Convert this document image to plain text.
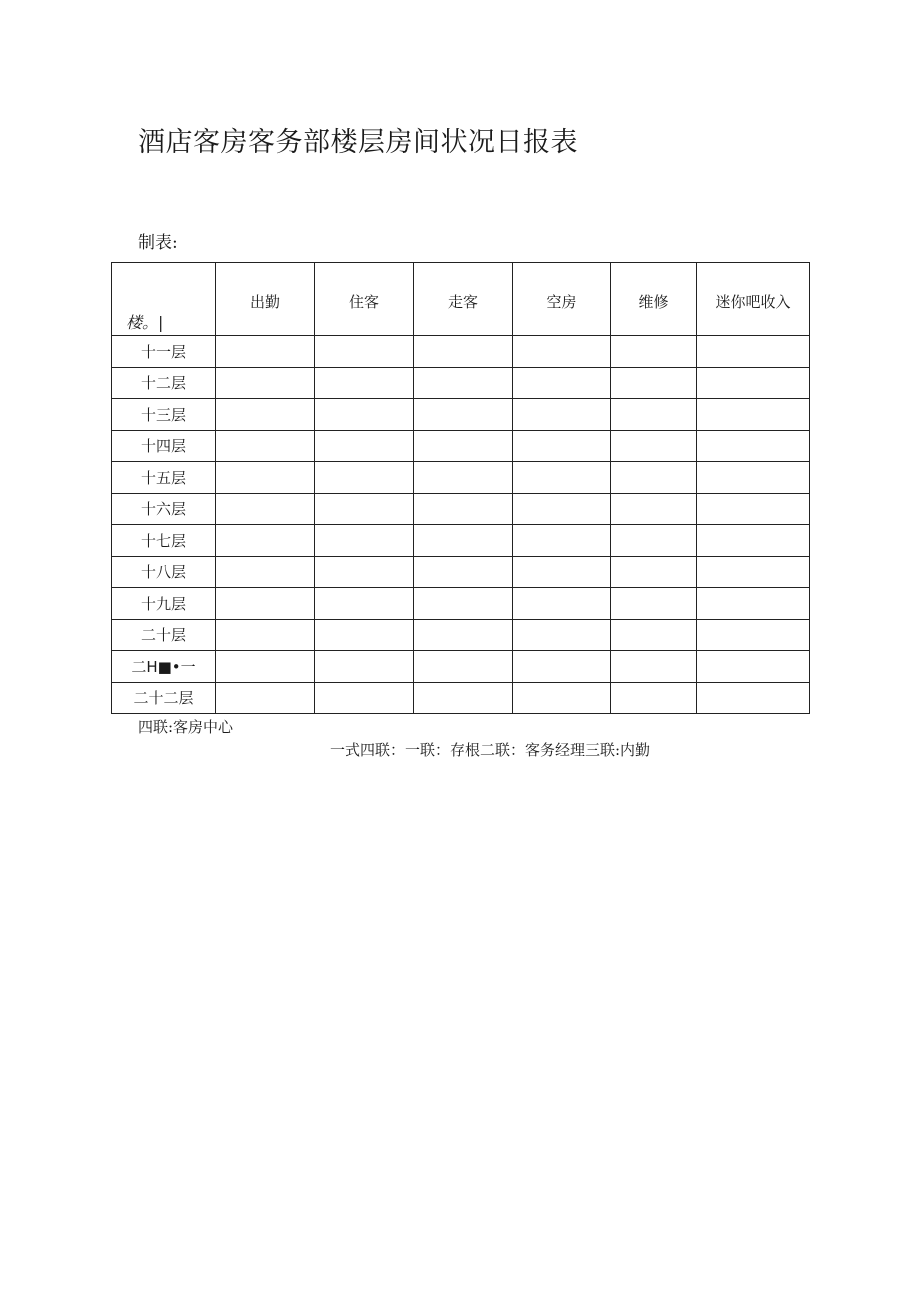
酒店客房客务部楼层房间状况日报表
制表:
楼。|	出勤	住客	走客	空房	维修	迷你吧收入
十一层						
十二层						
十三层						
十四层						
十五层						
十六层						
十七层						
十八层						
十九层						
二十层						
二H■•一						
二十二层						
四联:客房中心
一式四联：一联：存根二联：客务经理三联:内勤
